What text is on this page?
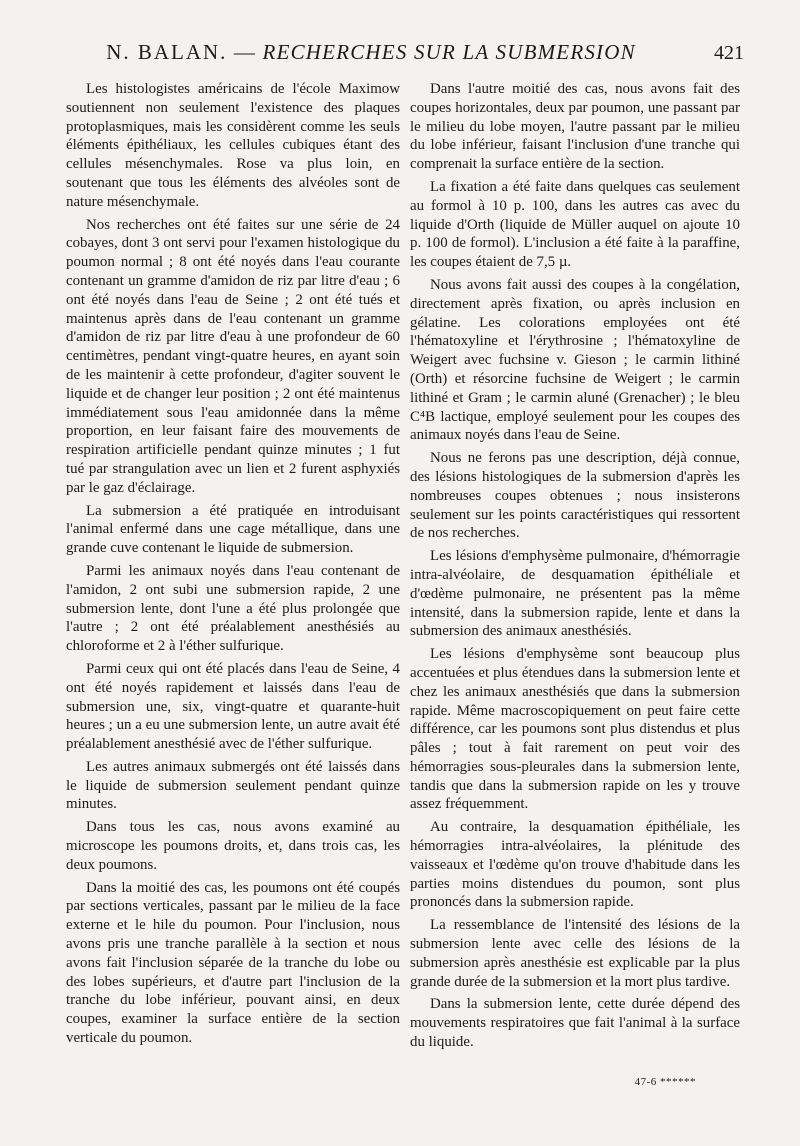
N. BALAN. — RECHERCHES SUR LA SUBMERSION	421

Les histologistes américains de l'école Maximow soutiennent non seulement l'existence des plaques protoplasmiques, mais les considèrent comme les seuls éléments épithéliaux, les cellules cubiques étant des cellules mésenchymales. Rose va plus loin, en soutenant que tous les éléments des alvéoles sont de nature mésenchymale.

Nos recherches ont été faites sur une série de 24 cobayes, dont 3 ont servi pour l'examen histologique du poumon normal ; 8 ont été noyés dans l'eau courante contenant un gramme d'amidon de riz par litre d'eau ; 6 ont été noyés dans l'eau de Seine ; 2 ont été tués et maintenus après dans de l'eau contenant un gramme d'amidon de riz par litre d'eau à une profondeur de 60 centimètres, pendant vingt-quatre heures, en ayant soin de les maintenir à cette profondeur, d'agiter souvent le liquide et de changer leur position ; 2 ont été maintenus immédiatement sous l'eau amidonnée dans la même proportion, en leur faisant faire des mouvements de respiration artificielle pendant quinze minutes ; 1 fut tué par strangulation avec un lien et 2 furent asphyxiés par le gaz d'éclairage.

La submersion a été pratiquée en introduisant l'animal enfermé dans une cage métallique, dans une grande cuve contenant le liquide de submersion.

Parmi les animaux noyés dans l'eau contenant de l'amidon, 2 ont subi une submersion rapide, 2 une submersion lente, dont l'une a été plus prolongée que l'autre ; 2 ont été préalablement anesthésiés au chloroforme et 2 à l'éther sulfurique.

Parmi ceux qui ont été placés dans l'eau de Seine, 4 ont été noyés rapidement et laissés dans l'eau de submersion une, six, vingt-quatre et quarante-huit heures ; un a eu une submersion lente, un autre avait été préalablement anesthésié avec de l'éther sulfurique.

Les autres animaux submergés ont été laissés dans le liquide de submersion seulement pendant quinze minutes.

Dans tous les cas, nous avons examiné au microscope les poumons droits, et, dans trois cas, les deux poumons.

Dans la moitié des cas, les poumons ont été coupés par sections verticales, passant par le milieu de la face externe et le hile du poumon. Pour l'inclusion, nous avons pris une tranche parallèle à la section et nous avons fait l'inclusion séparée de la tranche du lobe ou des lobes supérieurs, et d'autre part l'inclusion de la tranche du lobe inférieur, pouvant ainsi, en deux coupes, examiner la surface entière de la section verticale du poumon.

Dans l'autre moitié des cas, nous avons fait des coupes horizontales, deux par poumon, une passant par le milieu du lobe moyen, l'autre passant par le milieu du lobe inférieur, faisant l'inclusion d'une tranche qui comprenait la surface entière de la section.

La fixation a été faite dans quelques cas seulement au formol à 10 p. 100, dans les autres cas avec du liquide d'Orth (liquide de Müller auquel on ajoute 10 p. 100 de formol). L'inclusion a été faite à la paraffine, les coupes étaient de 7,5 µ.

Nous avons fait aussi des coupes à la congélation, directement après fixation, ou après inclusion en gélatine. Les colorations employées ont été l'hématoxyline et l'érythrosine ; l'hématoxyline de Weigert avec fuchsine v. Gieson ; le carmin lithiné (Orth) et résorcine fuchsine de Weigert ; le carmin lithiné et Gram ; le carmin aluné (Grenacher) ; le bleu C⁴B lactique, employé seulement pour les coupes des animaux noyés dans l'eau de Seine.

Nous ne ferons pas une description, déjà connue, des lésions histologiques de la submersion d'après les nombreuses coupes obtenues ; nous insisterons seulement sur les points caractéristiques qui ressortent de nos recherches.

Les lésions d'emphysème pulmonaire, d'hémorragie intra-alvéolaire, de desquamation épithéliale et d'œdème pulmonaire, ne présentent pas la même intensité, dans la submersion rapide, lente et dans la submersion des animaux anesthésiés.

Les lésions d'emphysème sont beaucoup plus accentuées et plus étendues dans la submersion lente et chez les animaux anesthésiés que dans la submersion rapide. Même macroscopiquement on peut faire cette différence, car les poumons sont plus distendus et plus pâles ; tout à fait rarement on peut voir des hémorragies sous-pleurales dans la submersion lente, tandis que dans la submersion rapide on les y trouve assez fréquemment.

Au contraire, la desquamation épithéliale, les hémorragies intra-alvéolaires, la plénitude des vaisseaux et l'œdème qu'on trouve d'habitude dans les parties moins distendues du poumon, sont plus prononcés dans la submersion rapide.

La ressemblance de l'intensité des lésions de la submersion lente avec celle des lésions de la submersion après anesthésie est explicable par la plus grande durée de la submersion et la mort plus tardive.

Dans la submersion lente, cette durée dépend des mouvements respiratoires que fait l'animal à la surface du liquide.

47-6 ******
